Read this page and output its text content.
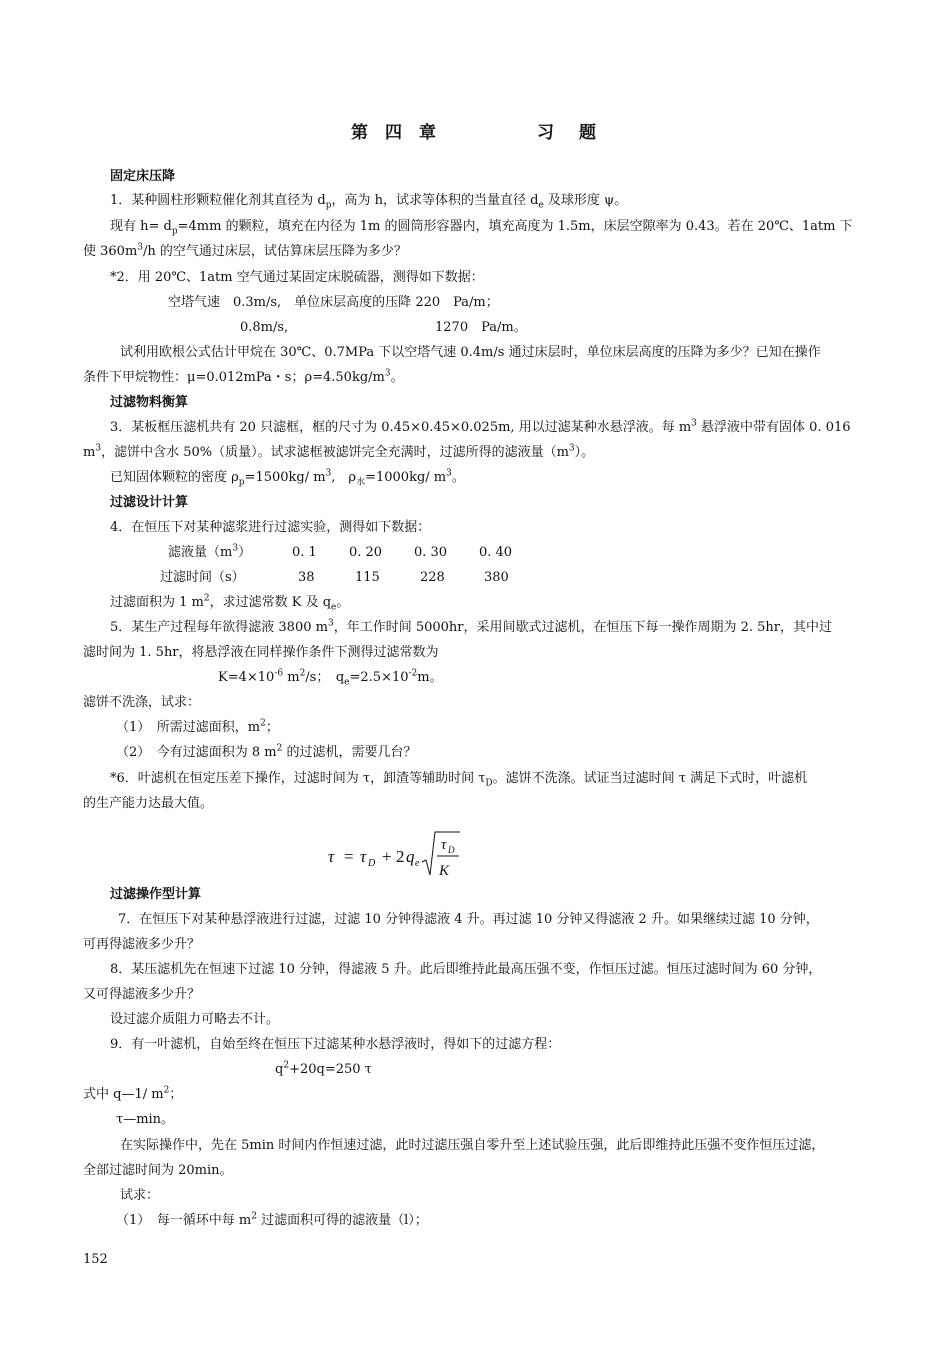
第 四 章	习 题
固定床压降
1．某种圆柱形颗粒催化剂其直径为 $d_p$，高为 h，试求等体积的当量直径 $d_e$ 及球形度 ψ。
现有 $h= d_p=4mm$ 的颗粒，填充在内径为 1m 的圆筒形容器内，填充高度为 1.5m，床层空隙率为 0.43。若在 20℃、1atm 下
使 $360m^3/h$ 的空气通过床层，试估算床层压降为多少？
*2．用 20℃、1atm 空气通过某固定床脱硫器，测得如下数据：
空塔气速　0.3m/s,　单位床层高度的压降 220　Pa/m；
0.8m/s,	1270　Pa/m。
试利用欧根公式估计甲烷在 30℃、0.7MPa 下以空塔气速 0.4m/s 通过床层时，单位床层高度的压降为多少？已知在操作
条件下甲烷物性：μ=0.012mPa・s；$\rho=4.50kg/m^3$。
过滤物料衡算
3．某板框压滤机共有 20 只滤框，框的尺寸为 0.45×0.45×0.025m, 用以过滤某种水悬浮液。每 $m^3$ 悬浮液中带有固体 0. 016
$m^3$，滤饼中含水 50%（质量）。试求滤框被滤饼完全充满时，过滤所得的滤液量$(m^3)$。
已知固体颗粒的密度 $\rho_p=1500kg/$ $m^3$,　$\rho_水=1000kg/$ $m^3$。
过滤设计计算
4．在恒压下对某种滤浆进行过滤实验，测得如下数据：
滤液量$(m^3)$	0. 1 0. 20 0. 30 0. 40
过滤时间（s）	38	115	228	380
过滤面积为 1 $m^2$，求过滤常数 K 及 $q_e$。
5．某生产过程每年欲得滤液 3800 $m^3$，年工作时间 5000hr，采用间歇式过滤机，在恒压下每一操作周期为 2. 5hr，其中过
滤时间为 1. 5hr，将悬浮液在同样操作条件下测得过滤常数为
$K=4\times 10^{-6}$ $m^2/s$；　$q_e=2.5\times 10^{-2}m$。
滤饼不洗涤，试求：
（1）　所需过滤面积，$m^2$；
（2）　今有过滤面积为 8 $m^2$ 的过滤机，需要几台？
*6．叶滤机在恒定压差下操作，过滤时间为 τ，卸渣等辅助时间 $\tau_D$。滤饼不洗涤。试证当过滤时间 τ 满足下式时，叶滤机
的生产能力达最大值。
τ = τ D + 2 q e
τ D
K
过滤操作型计算
7．在恒压下对某种悬浮液进行过滤，过滤 10 分钟得滤液 4 升。再过滤 10 分钟又得滤液 2 升。如果继续过滤 10 分钟，
可再得滤液多少升？
8．某压滤机先在恒速下过滤 10 分钟，得滤液 5 升。此后即维持此最高压强不变，作恒压过滤。恒压过滤时间为 60 分钟，
又可得滤液多少升？
设过滤介质阻力可略去不计。
9．有一叶滤机，自始至终在恒压下过滤某种水悬浮液时，得如下的过滤方程：
$q^2+20q=250$ τ
式中 q—1/ $m^2$；
τ—min。
在实际操作中，先在 5min 时间内作恒速过滤，此时过滤压强自零升至上述试验压强，此后即维持此压强不变作恒压过滤，
全部过滤时间为 20min。
试求：
（1）　每一循环中每 $m^2$ 过滤面积可得的滤液量（l）；
152
